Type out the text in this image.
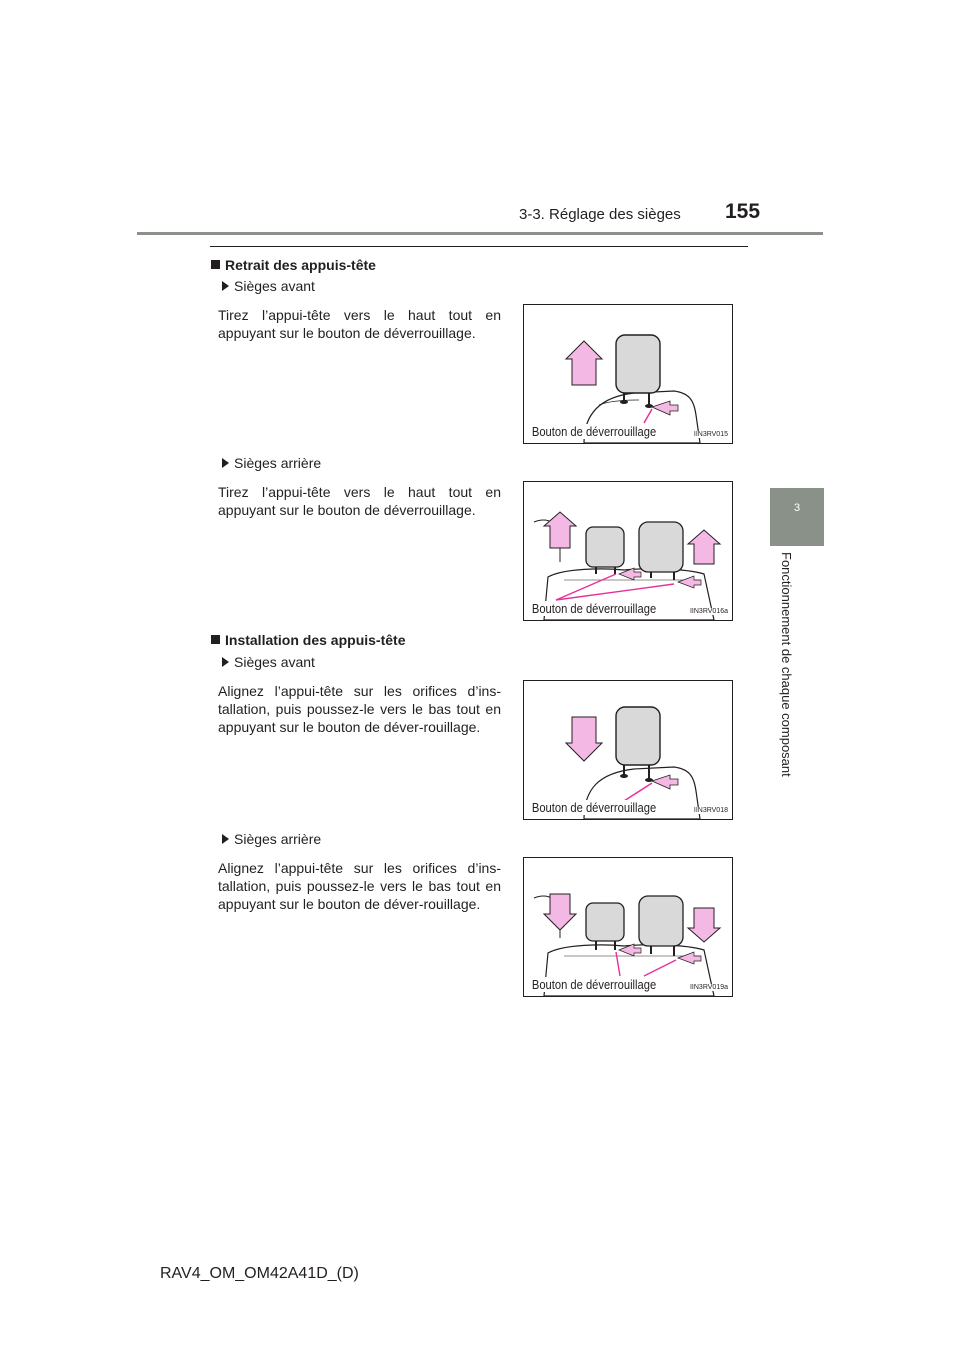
3-3. Réglage des sièges 155
3
Fonctionnement de chaque composant
Retrait des appuis-tête
Sièges avant
Tirez l’appui-tête vers le haut tout en appuyant sur le bouton de déverrouillage.
Bouton de déverrouillage	IIN3RV015
Sièges arrière
Tirez l’appui-tête vers le haut tout en appuyant sur le bouton de déverrouillage.
Bouton de déverrouillage	IIN3RV016a
Installation des appuis-tête
Sièges avant
Alignez l’appui-tête sur les orifices d’ins-tallation, puis poussez-le vers le bas tout en appuyant sur le bouton de déver-rouillage.
Bouton de déverrouillage	IIN3RV018
Sièges arrière
Alignez l’appui-tête sur les orifices d’ins-tallation, puis poussez-le vers le bas tout en appuyant sur le bouton de déver-rouillage.
Bouton de déverrouillage	IIN3RV019a
RAV4_OM_OM42A41D_(D)
